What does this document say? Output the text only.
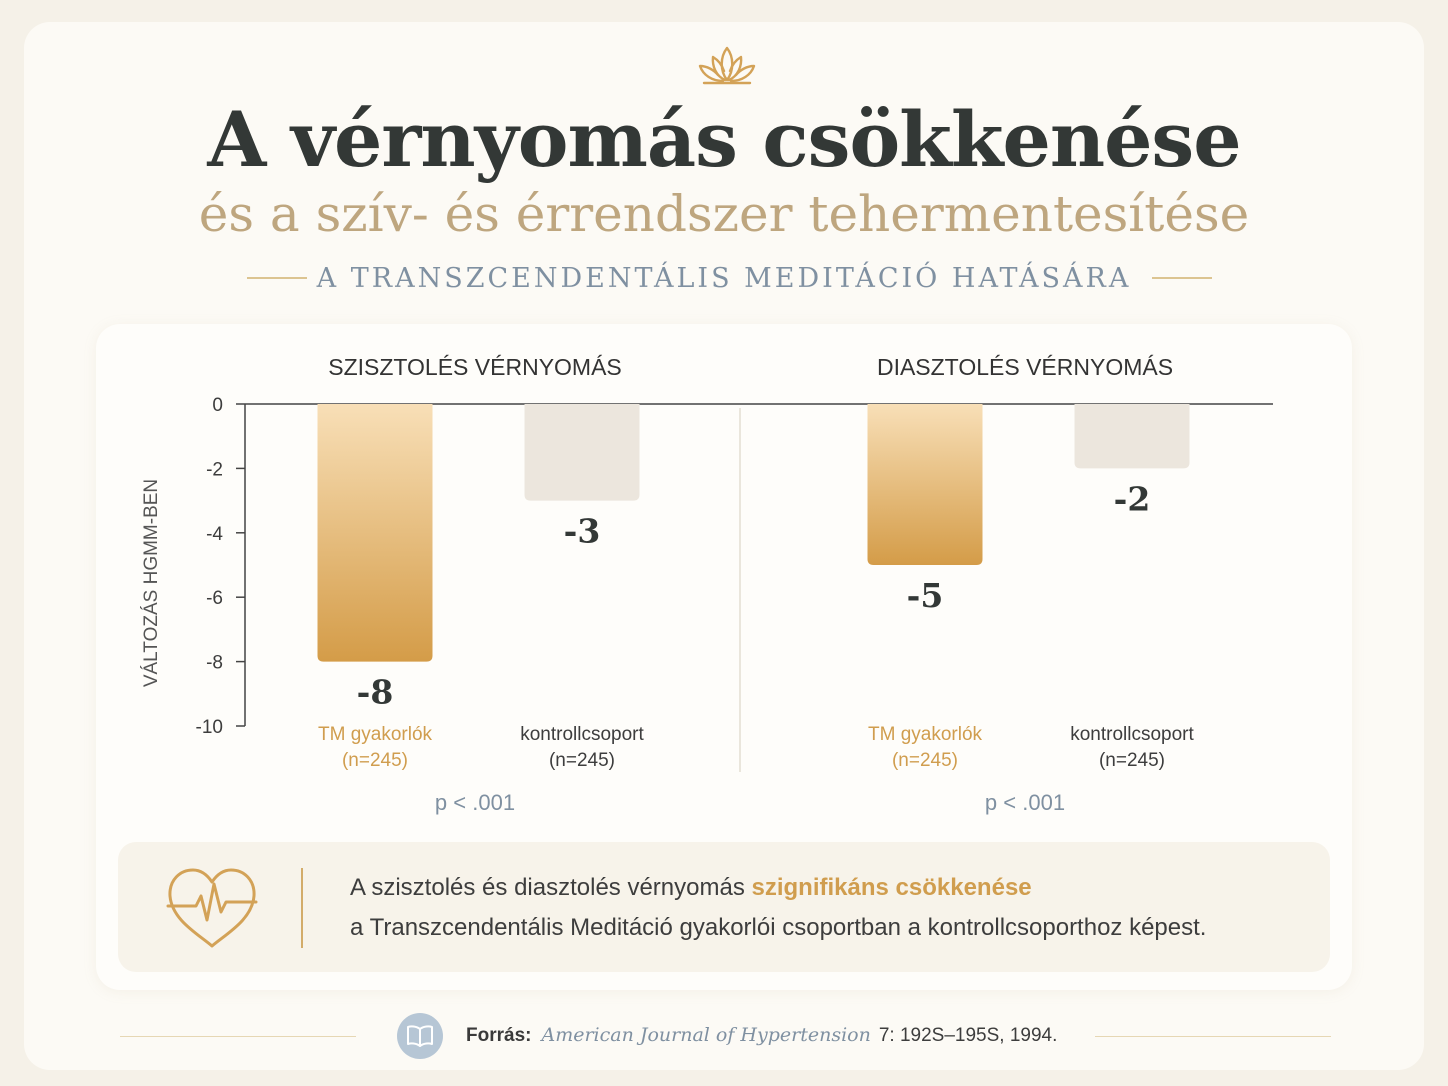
A vérnyomás csökkenése
és a szív- és érrendszer tehermentesítése
A TRANSZCENDENTÁLIS MEDITÁCIÓ HATÁSÁRA
0
-2
-4
-6
-8
-10
VÁLTOZÁS HGMM-BEN
SZISZTOLÉS VÉRNYOMÁS
-8
TM gyakorlók
(n=245)
-3
kontrollcsoport
(n=245)
p < .001
DIASZTOLÉS VÉRNYOMÁS
-5
TM gyakorlók
(n=245)
-2
kontrollcsoport
(n=245)
p < .001
A szisztolés és diasztolés vérnyomás szignifikáns csökkenése
a Transzcendentális Meditáció gyakorlói csoportban a kontrollcsoporthoz képest.
Forrás: American Journal of Hypertension 7: 192S–195S, 1994.
